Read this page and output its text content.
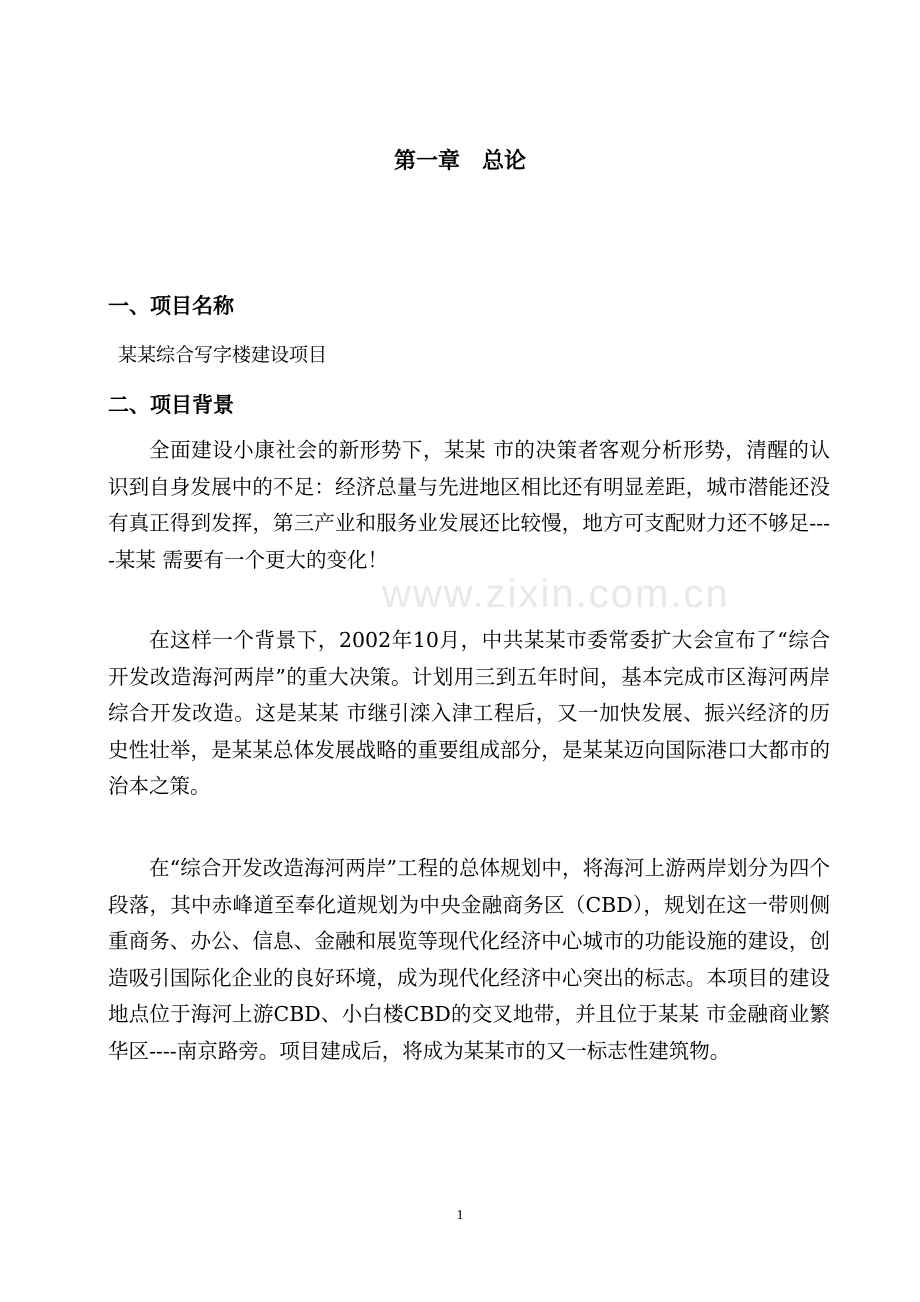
第一章　总论
一、项目名称
某某综合写字楼建设项目
二、项目背景

全面建设小康社会的新形势下，某某 市的决策者客观分析形势，清醒的认识到自身发展中的不足：经济总量与先进地区相比还有明显差距，城市潜能还没有真正得到发挥，第三产业和服务业发展还比较慢，地方可支配财力还不够足----某某 需要有一个更大的变化！

在这样一个背景下，2002年10月，中共某某市委常委扩大会宣布了“综合开发改造海河两岸”的重大决策。计划用三到五年时间，基本完成市区海河两岸综合开发改造。这是某某 市继引滦入津工程后，又一加快发展、振兴经济的历史性壮举，是某某总体发展战略的重要组成部分，是某某迈向国际港口大都市的治本之策。

在“综合开发改造海河两岸”工程的总体规划中，将海河上游两岸划分为四个段落，其中赤峰道至奉化道规划为中央金融商务区（CBD），规划在这一带则侧重商务、办公、信息、金融和展览等现代化经济中心城市的功能设施的建设，创造吸引国际化企业的良好环境，成为现代化经济中心突出的标志。本项目的建设地点位于海河上游CBD、小白楼CBD的交叉地带，并且位于某某 市金融商业繁华区----南京路旁。项目建成后，将成为某某市的又一标志性建筑物。

www.zixin.com.cn
1
